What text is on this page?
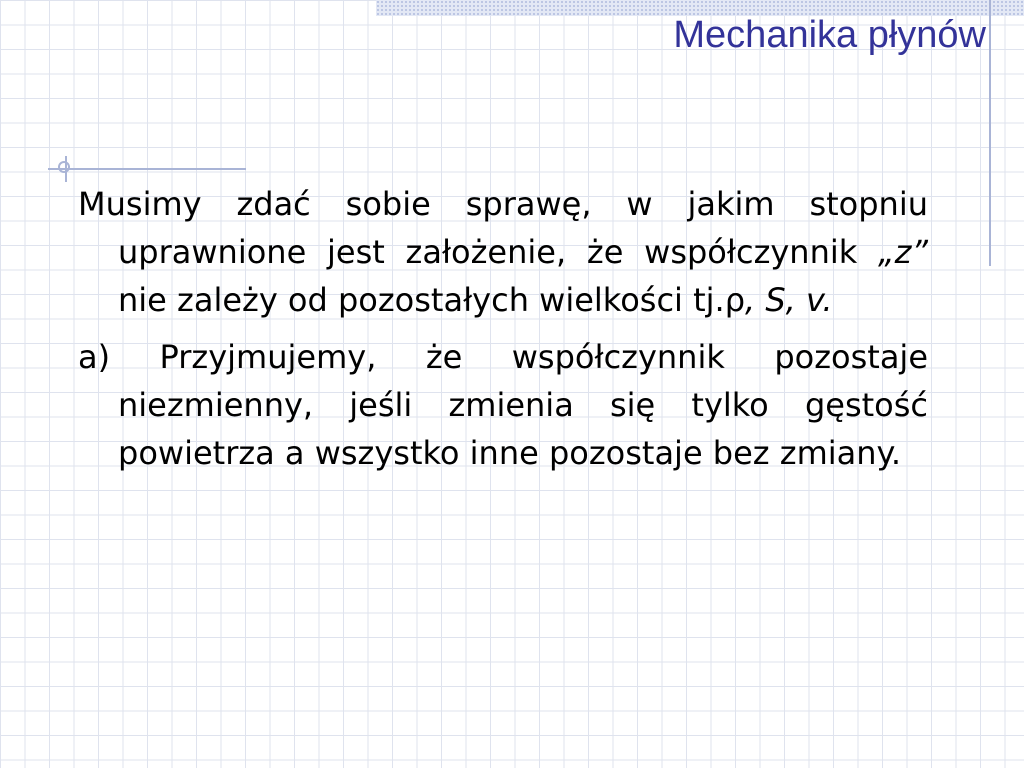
Mechanika płynów

Musimy zdać sobie sprawę, w jakim stopniu uprawnione jest założenie, że współczynnik „z”  nie zależy od pozostałych wielkości tj.ρ, S, v.

a) Przyjmujemy, że współczynnik pozostaje niezmienny, jeśli zmienia się tylko gęstość powietrza a wszystko inne pozostaje bez zmiany.
